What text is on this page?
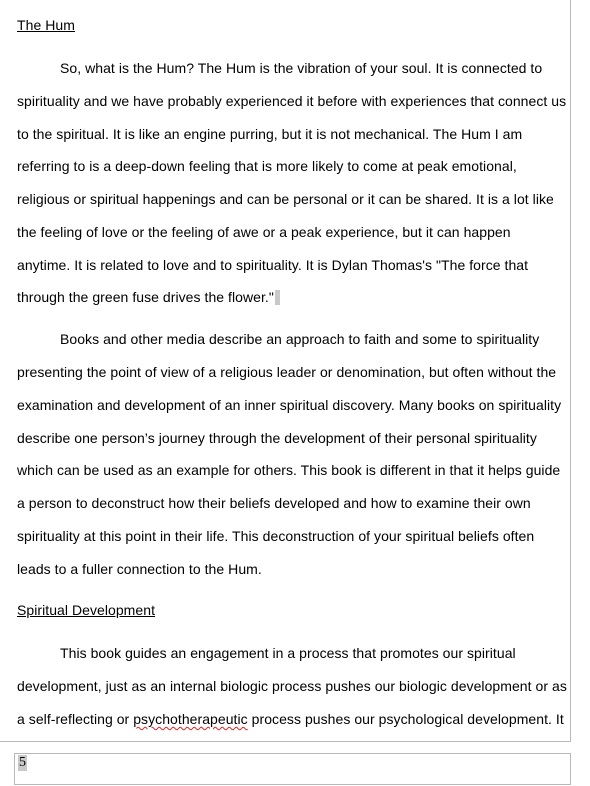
The Hum
So, what is the Hum? The Hum is the vibration of your soul. It is connected to
spirituality and we have probably experienced it before with experiences that connect us
to the spiritual. It is like an engine purring, but it is not mechanical. The Hum I am
referring to is a deep-down feeling that is more likely to come at peak emotional,
religious or spiritual happenings and can be personal or it can be shared. It is a lot like
the feeling of love or the feeling of awe or a peak experience, but it can happen
anytime. It is related to love and to spirituality. It is Dylan Thomas's "The force that
through the green fuse drives the flower."
Books and other media describe an approach to faith and some to spirituality
presenting the point of view of a religious leader or denomination, but often without the
examination and development of an inner spiritual discovery. Many books on spirituality
describe one person’s journey through the development of their personal spirituality
which can be used as an example for others. This book is different in that it helps guide
a person to deconstruct how their beliefs developed and how to examine their own
spirituality at this point in their life. This deconstruction of your spiritual beliefs often
leads to a fuller connection to the Hum.
Spiritual Development
This book guides an engagement in a process that promotes our spiritual
development, just as an internal biologic process pushes our biologic development or as
a self-reflecting or psychotherapeutic process pushes our psychological development. It
5
